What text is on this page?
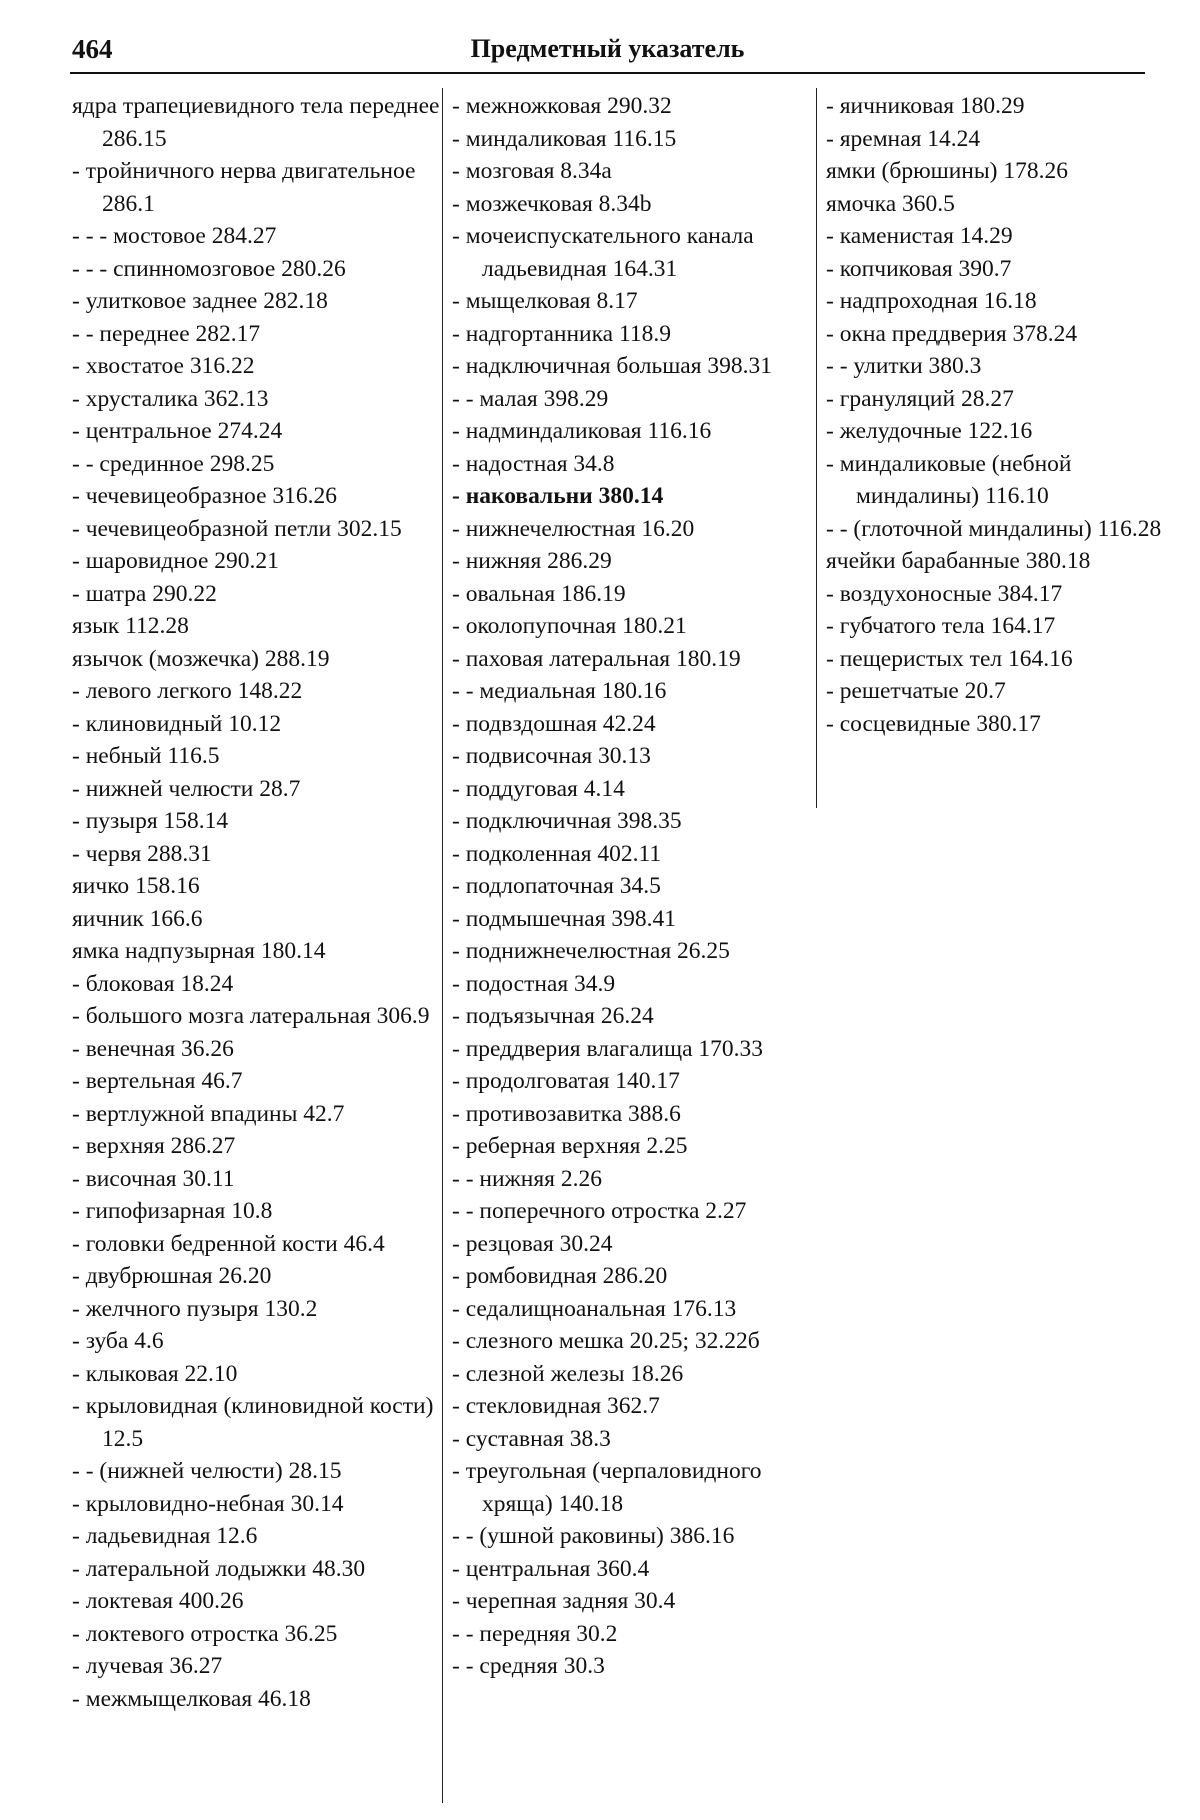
464	Предметный указатель

ядра трапециевидного тела переднее 286.15

- тройничного нерва двигательное 286.1

- - - мостовое 284.27

- - - спинномозговое 280.26

- улитковое заднее 282.18

- - переднее 282.17

- хвостатое 316.22

- хрусталика 362.13

- центральное 274.24

- - срединное 298.25

- чечевицеобразное 316.26

- чечевицеобразной петли 302.15

- шаровидное 290.21

- шатра 290.22

язык 112.28

язычок (мозжечка) 288.19

- левого легкого 148.22

- клиновидный 10.12

- небный 116.5

- нижней челюсти 28.7

- пузыря 158.14

- червя 288.31

яичко 158.16

яичник 166.6

ямка надпузырная 180.14

- блоковая 18.24

- большого мозга латеральная 306.9

- венечная 36.26

- вертельная 46.7

- вертлужной впадины 42.7

- верхняя 286.27

- височная 30.11

- гипофизарная 10.8

- головки бедренной кости 46.4

- двубрюшная 26.20

- желчного пузыря 130.2

- зуба 4.6

- клыковая 22.10

- крыловидная (клиновидной кости) 12.5

- - (нижней челюсти) 28.15

- крыловидно-небная 30.14

- ладьевидная 12.6

- латеральной лодыжки 48.30

- локтевая 400.26

- локтевого отростка 36.25

- лучевая 36.27

- межмыщелковая 46.18

- межножковая 290.32

- миндаликовая 116.15

- мозговая 8.34a

- мозжечковая 8.34b

- мочеиспускательного канала ладьевидная 164.31

- мыщелковая 8.17

- надгортанника 118.9

- надключичная большая 398.31

- - малая 398.29

- надминдаликовая 116.16

- надостная 34.8

- наковальни 380.14

- нижнечелюстная 16.20

- нижняя 286.29

- овальная 186.19

- околопупочная 180.21

- паховая латеральная 180.19

- - медиальная 180.16

- подвздошная 42.24

- подвисочная 30.13

- поддуговая 4.14

- подключичная 398.35

- подколенная 402.11

- подлопаточная 34.5

- подмышечная 398.41

- поднижнечелюстная 26.25

- подостная 34.9

- подъязычная 26.24

- преддверия влагалища 170.33

- продолговатая 140.17

- противозавитка 388.6

- реберная верхняя 2.25

- - нижняя 2.26

- - поперечного отростка 2.27

- резцовая 30.24

- ромбовидная 286.20

- седалищноанальная 176.13

- слезного мешка 20.25; 32.22б

- слезной железы 18.26

- стекловидная 362.7

- суставная 38.3

- треугольная (черпаловидного хряща) 140.18

- - (ушной раковины) 386.16

- центральная 360.4

- черепная задняя 30.4

- - передняя 30.2

- - средняя 30.3

- яичниковая 180.29

- яремная 14.24

ямки (брюшины) 178.26

ямочка 360.5

- каменистая 14.29

- копчиковая 390.7

- надпроходная 16.18

- окна преддверия 378.24

- - улитки 380.3

- грануляций 28.27

- желудочные 122.16

- миндаликовые (небной миндалины) 116.10

- - (глоточной миндалины) 116.28

ячейки барабанные 380.18

- воздухоносные 384.17

- губчатого тела 164.17

- пещеристых тел 164.16

- решетчатые 20.7

- сосцевидные 380.17
